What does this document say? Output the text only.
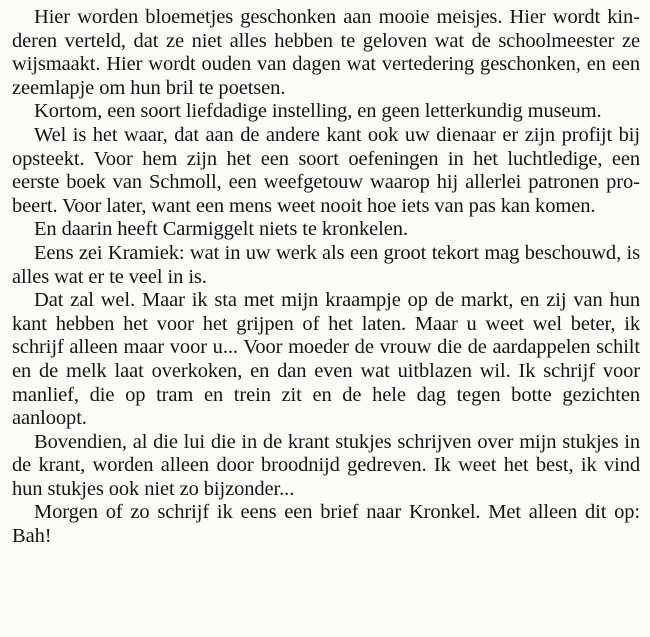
Hier worden bloemetjes geschonken aan mooie meisjes. Hier wordt kinderen verteld, dat ze niet alles hebben te geloven wat de schoolmeester ze wijsmaakt. Hier wordt ouden van dagen wat vertedering geschonken, en een zeemlapje om hun bril te poetsen.

Kortom, een soort liefdadige instelling, en geen letterkundig museum.

Wel is het waar, dat aan de andere kant ook uw dienaar er zijn profijt bij opsteekt. Voor hem zijn het een soort oefeningen in het luchtledige, een eerste boek van Schmoll, een weefgetouw waarop hij allerlei patronen probeert. Voor later, want een mens weet nooit hoe iets van pas kan komen.

En daarin heeft Carmiggelt niets te kronkelen.

Eens zei Kramiek: wat in uw werk als een groot tekort mag beschouwd, is alles wat er te veel in is.

Dat zal wel. Maar ik sta met mijn kraampje op de markt, en zij van hun kant hebben het voor het grijpen of het laten. Maar u weet wel beter, ik schrijf alleen maar voor u... Voor moeder de vrouw die de aardappelen schilt en de melk laat overkoken, en dan even wat uitblazen wil. Ik schrijf voor manlief, die op tram en trein zit en de hele dag tegen botte gezichten aanloopt.

Bovendien, al die lui die in de krant stukjes schrijven over mijn stukjes in de krant, worden alleen door broodnijd gedreven. Ik weet het best, ik vind hun stukjes ook niet zo bijzonder...

Morgen of zo schrijf ik eens een brief naar Kronkel. Met alleen dit op: Bah!
